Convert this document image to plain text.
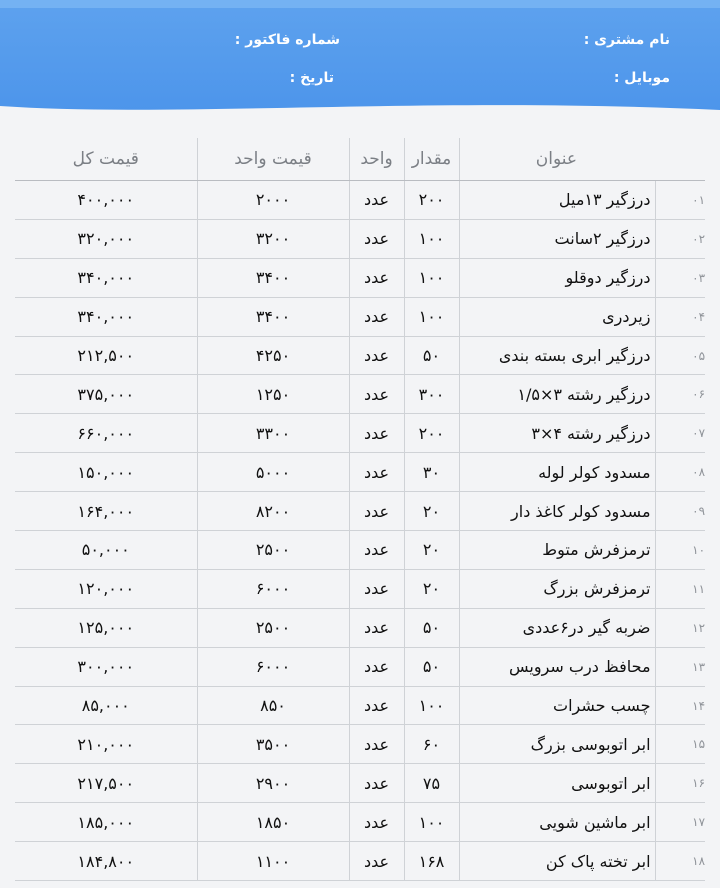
نام مشتری :
شماره فاکتور :
موبایل :
تاریخ :
عنوان		مقدار	واحد	قیمت واحد	قیمت کل
۰۱	درزگیر ۱۳میل	۲۰۰	عدد	۲۰۰۰	۴۰۰,۰۰۰
۰۲	درزگیر ۲سانت	۱۰۰	عدد	۳۲۰۰	۳۲۰,۰۰۰
۰۳	درزگیر دوقلو	۱۰۰	عدد	۳۴۰۰	۳۴۰,۰۰۰
۰۴	زیردری	۱۰۰	عدد	۳۴۰۰	۳۴۰,۰۰۰
۰۵	درزگیر ابری بسته بندی	۵۰	عدد	۴۲۵۰	۲۱۲,۵۰۰
۰۶	درزگیر رشته ۳×۱/۵	۳۰۰	عدد	۱۲۵۰	۳۷۵,۰۰۰
۰۷	درزگیر رشته ۴×۳	۲۰۰	عدد	۳۳۰۰	۶۶۰,۰۰۰
۰۸	مسدود کولر لوله	۳۰	عدد	۵۰۰۰	۱۵۰,۰۰۰
۰۹	مسدود کولر کاغذ دار	۲۰	عدد	۸۲۰۰	۱۶۴,۰۰۰
۱۰	ترمزفرش متوط	۲۰	عدد	۲۵۰۰	۵۰,۰۰۰
۱۱	ترمزفرش بزرگ	۲۰	عدد	۶۰۰۰	۱۲۰,۰۰۰
۱۲	ضربه گیر در۶عددی	۵۰	عدد	۲۵۰۰	۱۲۵,۰۰۰
۱۳	محافظ درب سرویس	۵۰	عدد	۶۰۰۰	۳۰۰,۰۰۰
۱۴	چسب حشرات	۱۰۰	عدد	۸۵۰	۸۵,۰۰۰
۱۵	ابر اتوبوسی بزرگ	۶۰	عدد	۳۵۰۰	۲۱۰,۰۰۰
۱۶	ابر اتوبوسی	۷۵	عدد	۲۹۰۰	۲۱۷,۵۰۰
۱۷	ابر ماشین شویی	۱۰۰	عدد	۱۸۵۰	۱۸۵,۰۰۰
۱۸	ابر تخته پاک کن	۱۶۸	عدد	۱۱۰۰	۱۸۴,۸۰۰
